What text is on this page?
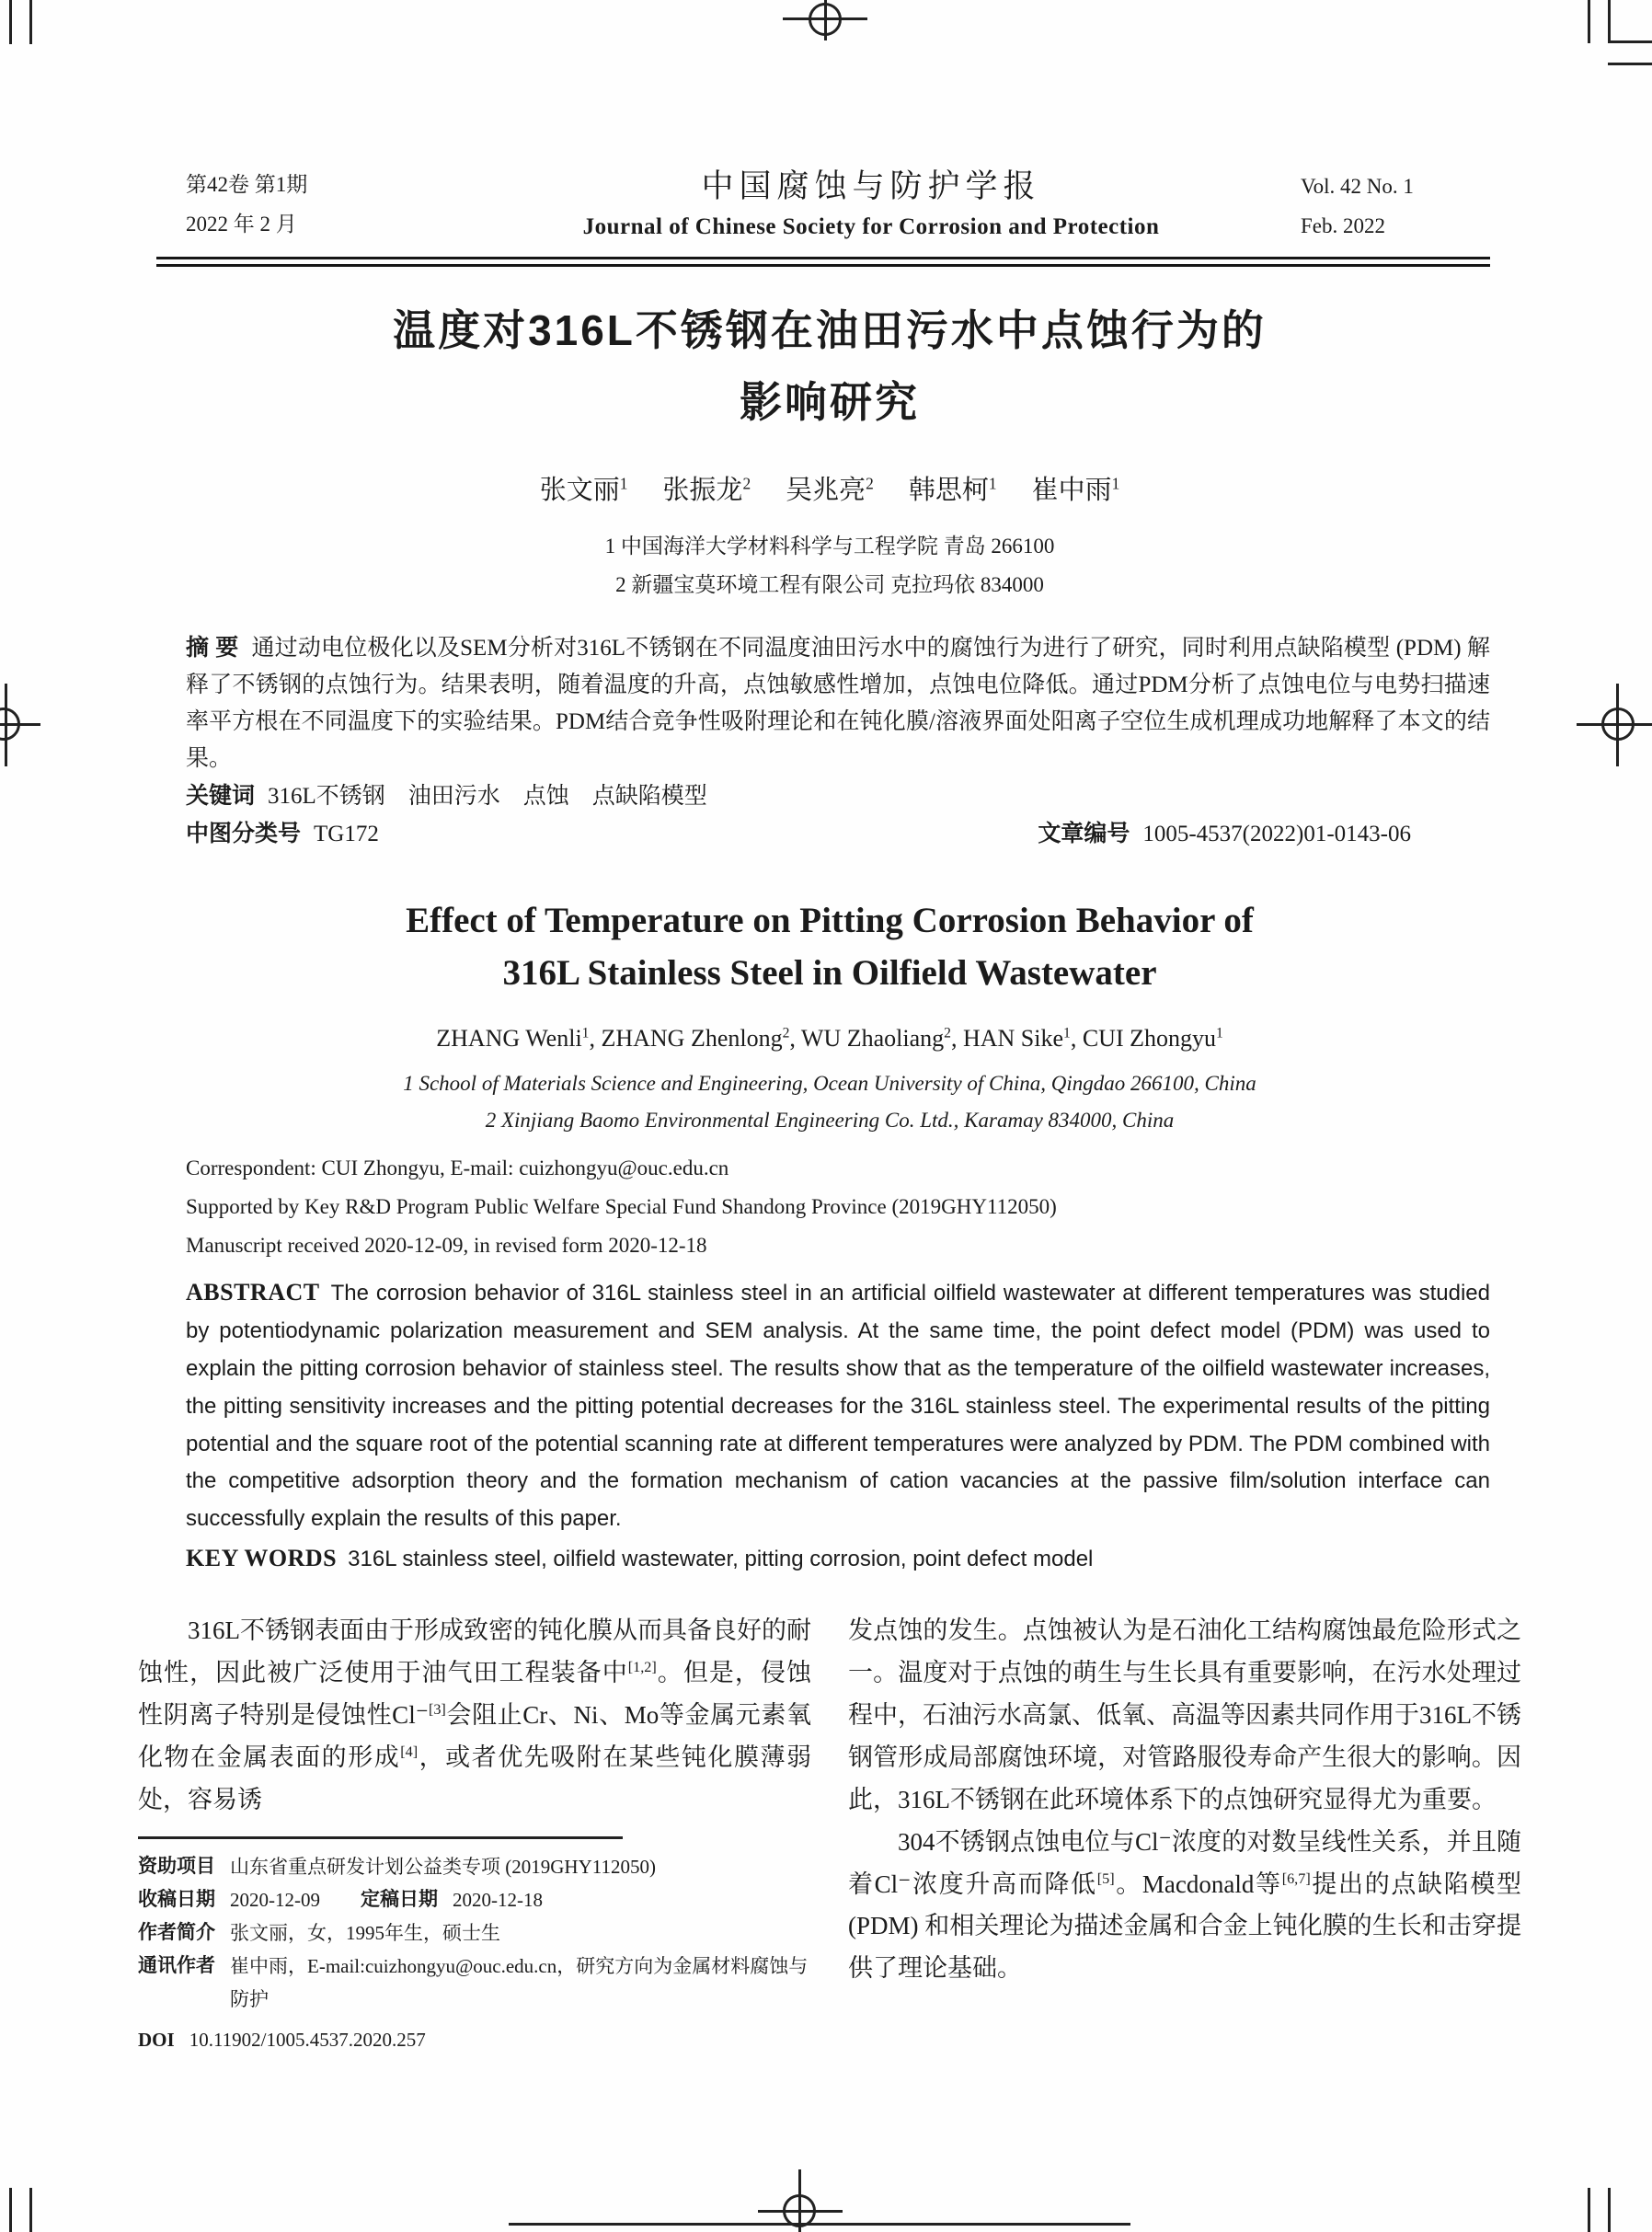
第42卷 第1期
2022 年 2 月
中国腐蚀与防护学报
Journal of Chinese Society for Corrosion and Protection
Vol. 42 No. 1
Feb. 2022
温度对316L不锈钢在油田污水中点蚀行为的
影响研究
张文丽$^1$ 张振龙$^2$ 吴兆亮$^2$ 韩思柯$^1$ 崔中雨$^1$
1 中国海洋大学材料科学与工程学院 青岛 266100
2 新疆宝莫环境工程有限公司 克拉玛依 834000

摘 要 通过动电位极化以及SEM分析对316L不锈钢在不同温度油田污水中的腐蚀行为进行了研究，同时利用点缺陷模型 (PDM) 解释了不锈钢的点蚀行为。结果表明，随着温度的升高，点蚀敏感性增加，点蚀电位降低。通过PDM分析了点蚀电位与电势扫描速率平方根在不同温度下的实验结果。PDM结合竞争性吸附理论和在钝化膜/溶液界面处阳离子空位生成机理成功地解释了本文的结果。

关键词 316L不锈钢　油田污水　点蚀　点缺陷模型

中图分类号 TG172	文章编号 1005-4537(2022)01-0143-06
Effect of Temperature on Pitting Corrosion Behavior of
316L Stainless Steel in Oilfield Wastewater
ZHANG Wenli$^1$, ZHANG Zhenlong$^2$, WU Zhaoliang$^2$, HAN Sike$^1$, CUI Zhongyu$^1$
1 School of Materials Science and Engineering, Ocean University of China, Qingdao 266100, China
2 Xinjiang Baomo Environmental Engineering Co. Ltd., Karamay 834000, China
Correspondent: CUI Zhongyu, E-mail: cuizhongyu@ouc.edu.cn
Supported by Key R&D Program Public Welfare Special Fund Shandong Province (2019GHY112050)
Manuscript received 2020-12-09, in revised form 2020-12-18

ABSTRACT The corrosion behavior of 316L stainless steel in an artificial oilfield wastewater at different temperatures was studied by potentiodynamic polarization measurement and SEM analysis. At the same time, the point defect model (PDM) was used to explain the pitting corrosion behavior of stainless steel. The results show that as the temperature of the oilfield wastewater increases, the pitting sensitivity increases and the pitting potential decreases for the 316L stainless steel. The experimental results of the pitting potential and the square root of the potential scanning rate at different temperatures were analyzed by PDM. The PDM combined with the competitive adsorption theory and the formation mechanism of cation vacancies at the passive film/solution interface can successfully explain the results of this paper.

KEY WORDS 316L stainless steel, oilfield wastewater, pitting corrosion, point defect model

316L不锈钢表面由于形成致密的钝化膜从而具备良好的耐蚀性，因此被广泛使用于油气田工程装备中[1,2]。但是，侵蚀性阴离子特别是侵蚀性Cl⁻[3]会阻止Cr、Ni、Mo等金属元素氧化物在金属表面的形成[4]，或者优先吸附在某些钝化膜薄弱处，容易诱

资助项目 山东省重点研发计划公益类专项 (2019GHY112050)
收稿日期 2020-12-09 定稿日期 2020-12-18
作者简介 张文丽，女，1995年生，硕士生
通讯作者 崔中雨，E-mail:cuizhongyu@ouc.edu.cn，研究方向为金属材料腐蚀与防护
DOI 10.11902/1005.4537.2020.257

发点蚀的发生。点蚀被认为是石油化工结构腐蚀最危险形式之一。温度对于点蚀的萌生与生长具有重要影响，在污水处理过程中，石油污水高氯、低氧、高温等因素共同作用于316L不锈钢管形成局部腐蚀环境，对管路服役寿命产生很大的影响。因此，316L不锈钢在此环境体系下的点蚀研究显得尤为重要。

304不锈钢点蚀电位与Cl⁻浓度的对数呈线性关系，并且随着Cl⁻浓度升高而降低[5]。Macdonald等[6,7]提出的点缺陷模型 (PDM) 和相关理论为描述金属和合金上钝化膜的生长和击穿提供了理论基础。
